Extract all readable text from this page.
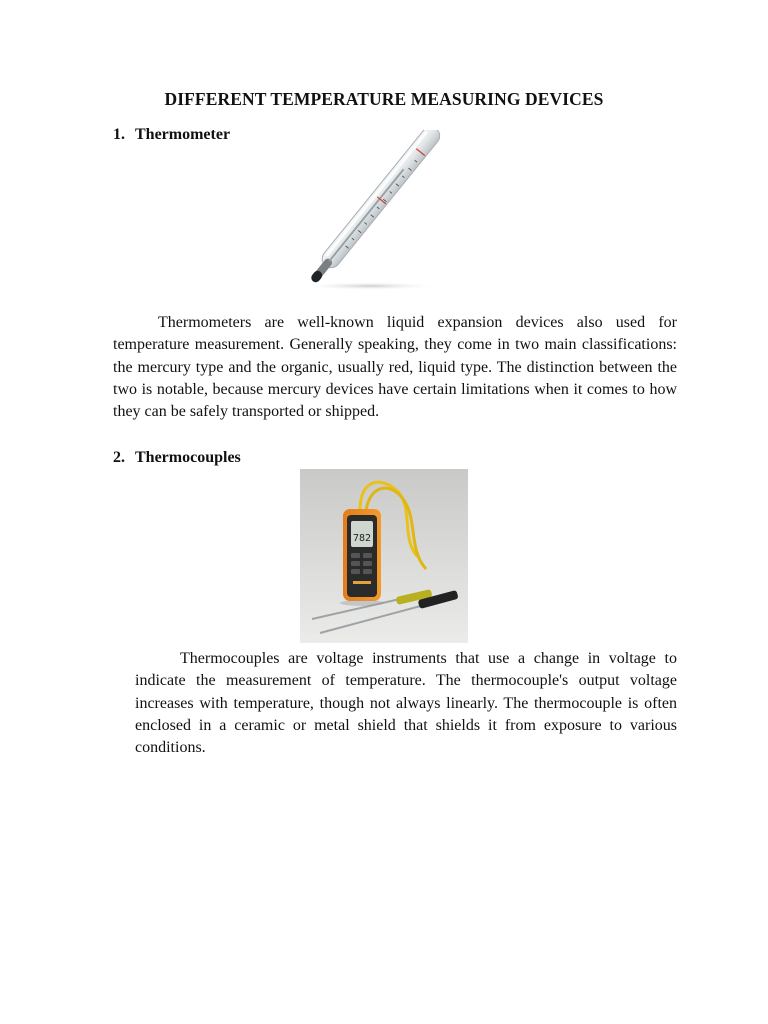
DIFFERENT TEMPERATURE MEASURING DEVICES
1. Thermometer

Thermometers are well-known liquid expansion devices also used for temperature measurement. Generally speaking, they come in two main classifications: the mercury type and the organic, usually red, liquid type. The distinction between the two is notable, because mercury devices have certain limitations when it comes to how they can be safely transported or shipped.

2. Thermocouples
782

Thermocouples are voltage instruments that use a change in voltage to indicate the measurement of temperature. The thermocouple's output voltage increases with temperature, though not always linearly. The thermocouple is often enclosed in a ceramic or metal shield that shields it from exposure to various conditions.
